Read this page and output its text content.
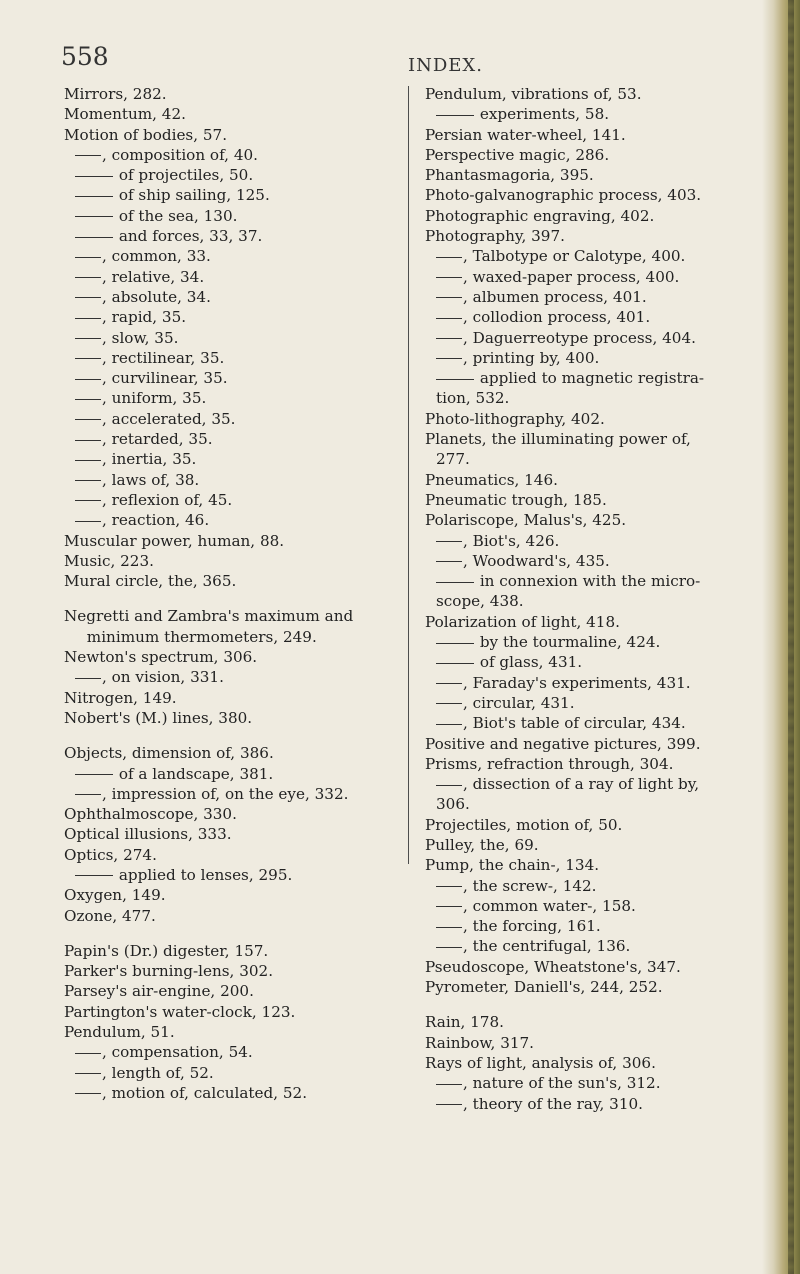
558	INDEX.
Mirrors, 282.
Momentum, 42.
Motion of bodies, 57.
, composition of, 40.
of projectiles, 50.
of ship sailing, 125.
of the sea, 130.
and forces, 33, 37.
, common, 33.
, relative, 34.
, absolute, 34.
, rapid, 35.
, slow, 35.
, rectilinear, 35.
, curvilinear, 35.
, uniform, 35.
, accelerated, 35.
, retarded, 35.
, inertia, 35.
, laws of, 38.
, reflexion of, 45.
, reaction, 46.
Muscular power, human, 88.
Music, 223.
Mural circle, the, 365.
Negretti and Zambra's maximum and minimum thermometers, 249.
Newton's spectrum, 306.
, on vision, 331.
Nitrogen, 149.
Nobert's (M.) lines, 380.
Objects, dimension of, 386.
of a landscape, 381.
, impression of, on the eye, 332.
Ophthalmoscope, 330.
Optical illusions, 333.
Optics, 274.
applied to lenses, 295.
Oxygen, 149.
Ozone, 477.
Papin's (Dr.) digester, 157.
Parker's burning-lens, 302.
Parsey's air-engine, 200.
Partington's water-clock, 123.
Pendulum, 51.
, compensation, 54.
, length of, 52.
, motion of, calculated, 52.
Pendulum, vibrations of, 53.
experiments, 58.
Persian water-wheel, 141.
Perspective magic, 286.
Phantasmagoria, 395.
Photo-galvanographic process, 403.
Photographic engraving, 402.
Photography, 397.
, Talbotype or Calotype, 400.
, waxed-paper process, 400.
, albumen process, 401.
, collodion process, 401.
, Daguerreotype process, 404.
, printing by, 400.
applied to magnetic registra-
tion, 532.
Photo-lithography, 402.
Planets, the illuminating power of,
277.
Pneumatics, 146.
Pneumatic trough, 185.
Polariscope, Malus's, 425.
, Biot's, 426.
, Woodward's, 435.
in connexion with the micro-
scope, 438.
Polarization of light, 418.
by the tourmaline, 424.
of glass, 431.
, Faraday's experiments, 431.
, circular, 431.
, Biot's table of circular, 434.
Positive and negative pictures, 399.
Prisms, refraction through, 304.
, dissection of a ray of light by,
306.
Projectiles, motion of, 50.
Pulley, the, 69.
Pump, the chain-, 134.
, the screw-, 142.
, common water-, 158.
, the forcing, 161.
, the centrifugal, 136.
Pseudoscope, Wheatstone's, 347.
Pyrometer, Daniell's, 244, 252.
Rain, 178.
Rainbow, 317.
Rays of light, analysis of, 306.
, nature of the sun's, 312.
, theory of the ray, 310.
